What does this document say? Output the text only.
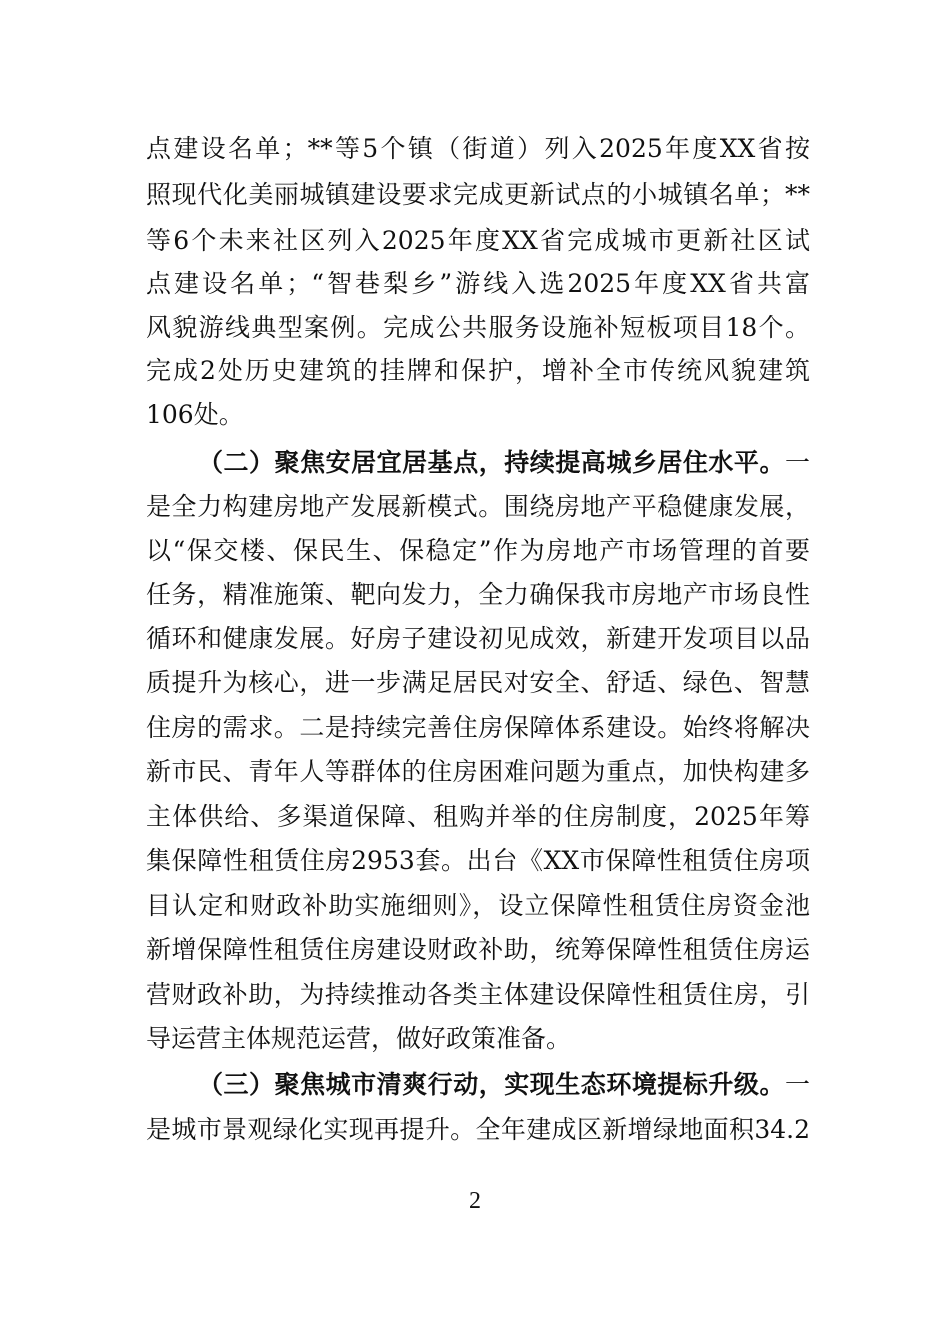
点建设名单；**等5个镇（街道）列入2025年度XX省按
照现代化美丽城镇建设要求完成更新试点的小城镇名单；**
等6个未来社区列入2025年度XX省完成城市更新社区试
点建设名单；“智巷梨乡”游线入选2025年度XX省共富
风貌游线典型案例。完成公共服务设施补短板项目18个。
完成2处历史建筑的挂牌和保护，增补全市传统风貌建筑
106处。
（二）聚焦安居宜居基点，持续提高城乡居住水平。一
是全力构建房地产发展新模式。围绕房地产平稳健康发展，
以“保交楼、保民生、保稳定”作为房地产市场管理的首要
任务，精准施策、靶向发力，全力确保我市房地产市场良性
循环和健康发展。好房子建设初见成效，新建开发项目以品
质提升为核心，进一步满足居民对安全、舒适、绿色、智慧
住房的需求。二是持续完善住房保障体系建设。始终将解决
新市民、青年人等群体的住房困难问题为重点，加快构建多
主体供给、多渠道保障、租购并举的住房制度，2025年筹
集保障性租赁住房2953套。出台《XX市保障性租赁住房项
目认定和财政补助实施细则》，设立保障性租赁住房资金池
新增保障性租赁住房建设财政补助，统筹保障性租赁住房运
营财政补助，为持续推动各类主体建设保障性租赁住房，引
导运营主体规范运营，做好政策准备。
（三）聚焦城市清爽行动，实现生态环境提标升级。一
是城市景观绿化实现再提升。全年建成区新增绿地面积34.2
2
